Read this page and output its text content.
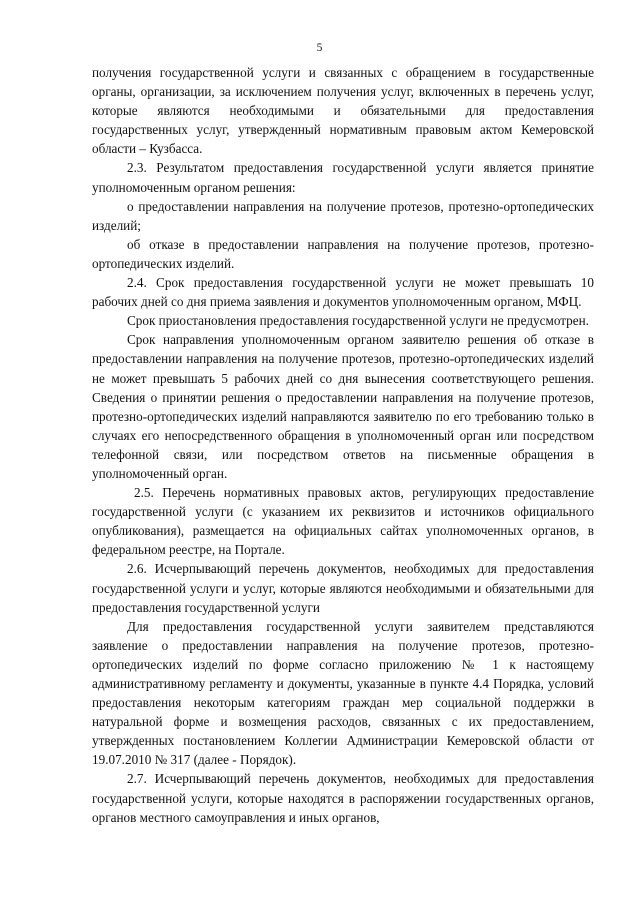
5

получения государственной услуги и связанных с обращением в государственные органы, организации, за исключением получения услуг, включенных в перечень услуг, которые являются необходимыми и обязательными для предоставления государственных услуг, утвержденный нормативным правовым актом Кемеровской области – Кузбасса.

2.3. Результатом предоставления государственной услуги является принятие уполномоченным органом решения:

о предоставлении направления на получение протезов, протезно-ортопедических изделий;

об отказе в предоставлении направления на получение протезов, протезно-ортопедических изделий.

2.4. Срок предоставления государственной услуги не может превышать 10 рабочих дней со дня приема заявления и документов уполномоченным органом, МФЦ.

Срок приостановления предоставления государственной услуги не предусмотрен.

Срок направления уполномоченным органом заявителю решения об отказе в предоставлении направления на получение протезов, протезно-ортопедических изделий не может превышать 5 рабочих дней со дня вынесения соответствующего решения. Сведения о принятии решения о предоставлении направления на получение протезов, протезно-ортопедических изделий направляются заявителю по его требованию только в случаях его непосредственного обращения в уполномоченный орган или посредством телефонной связи, или посредством ответов на письменные обращения в уполномоченный орган.

2.5. Перечень нормативных правовых актов, регулирующих предоставление государственной услуги (с указанием их реквизитов и источников официального опубликования), размещается на официальных сайтах уполномоченных органов, в федеральном реестре, на Портале.

2.6. Исчерпывающий перечень документов, необходимых для предоставления государственной услуги и услуг, которые являются необходимыми и обязательными для предоставления государственной услуги

Для предоставления государственной услуги заявителем представляются заявление о предоставлении направления на получение протезов, протезно-ортопедических изделий по форме согласно приложению № 1 к настоящему административному регламенту и документы, указанные в пункте 4.4 Порядка, условий предоставления некоторым категориям граждан мер социальной поддержки в натуральной форме и возмещения расходов, связанных с их предоставлением, утвержденных постановлением Коллегии Администрации Кемеровской области от 19.07.2010 № 317 (далее - Порядок).

2.7. Исчерпывающий перечень документов, необходимых для предоставления государственной услуги, которые находятся в распоряжении государственных органов, органов местного самоуправления и иных органов,
